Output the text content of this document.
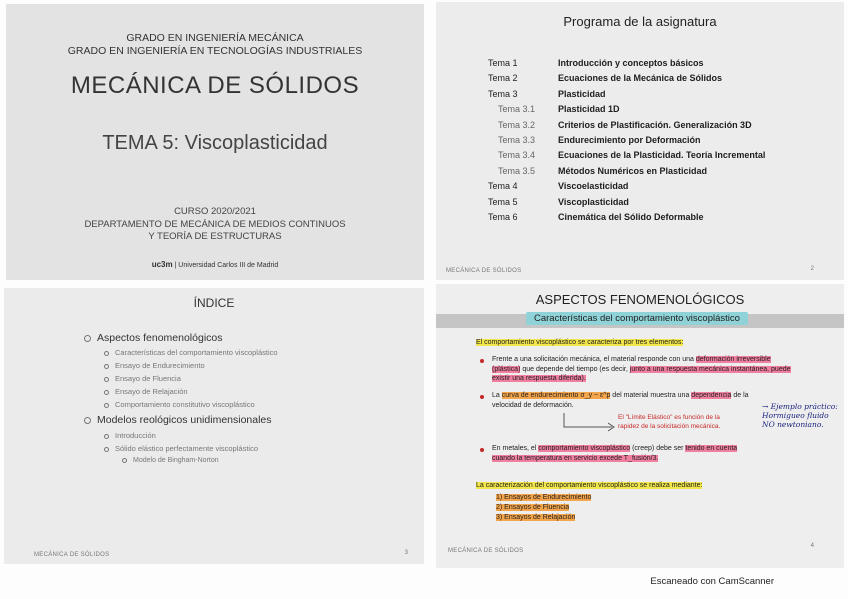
GRADO EN INGENIERÍA MECÁNICA
GRADO EN INGENIERÍA EN TECNOLOGÍAS INDUSTRIALES
MECÁNICA DE SÓLIDOS
TEMA 5: Viscoplasticidad
CURSO 2020/2021
DEPARTAMENTO DE MECÁNICA DE MEDIOS CONTINUOS
Y TEORÍA DE ESTRUCTURAS
uc3m | Universidad Carlos III de Madrid
Programa de la asignatura
Tema 1	Introducción y conceptos básicos
Tema 2	Ecuaciones de la Mecánica de Sólidos
Tema 3	Plasticidad
Tema 3.1	Plasticidad 1D
Tema 3.2	Criterios de Plastificación. Generalización 3D
Tema 3.3	Endurecimiento por Deformación
Tema 3.4	Ecuaciones de la Plasticidad. Teoría Incremental
Tema 3.5	Métodos Numéricos en Plasticidad
Tema 4	Viscoelasticidad
Tema 5	Viscoplasticidad
Tema 6	Cinemática del Sólido Deformable
MECÁNICA DE SÓLIDOS	2
ÍNDICE
Aspectos fenomenológicos
Características del comportamiento viscoplástico
Ensayo de Endurecimiento
Ensayo de Fluencia
Ensayo de Relajación
Comportamiento constitutivo viscoplástico
Modelos reológicos unidimensionales
Introducción
Sólido elástico perfectamente viscoplástico
Modelo de Bingham-Norton
MECÁNICA DE SÓLIDOS	3
ASPECTOS FENOMENOLÓGICOS
Características del comportamiento viscoplástico
El comportamiento viscoplástico se caracteriza por tres elementos:
Frente a una solicitación mecánica, el material responde con una deformación irreversible (plástica) que depende del tiempo (es decir, junto a una respuesta mecánica instantánea, puede existir una respuesta diferida).
La curva de endurecimiento σ_y − ε^p del material muestra una dependencia de la velocidad de deformación.
El "Límite Elástico" es función de la
rapidez de la solicitación mecánica.
En metales, el comportamiento viscoplástico (creep) debe ser tenido en cuenta cuando la temperatura en servicio excede T_fusión/3.
→ Ejemplo práctico:
Hormigueo fluido
NO newtoniano.
La caracterización del comportamiento viscoplástico se realiza mediante:
1) Ensayos de Endurecimiento
2) Ensayos de Fluencia
3) Ensayos de Relajación
MECÁNICA DE SÓLIDOS
4
Escaneado con CamScanner
